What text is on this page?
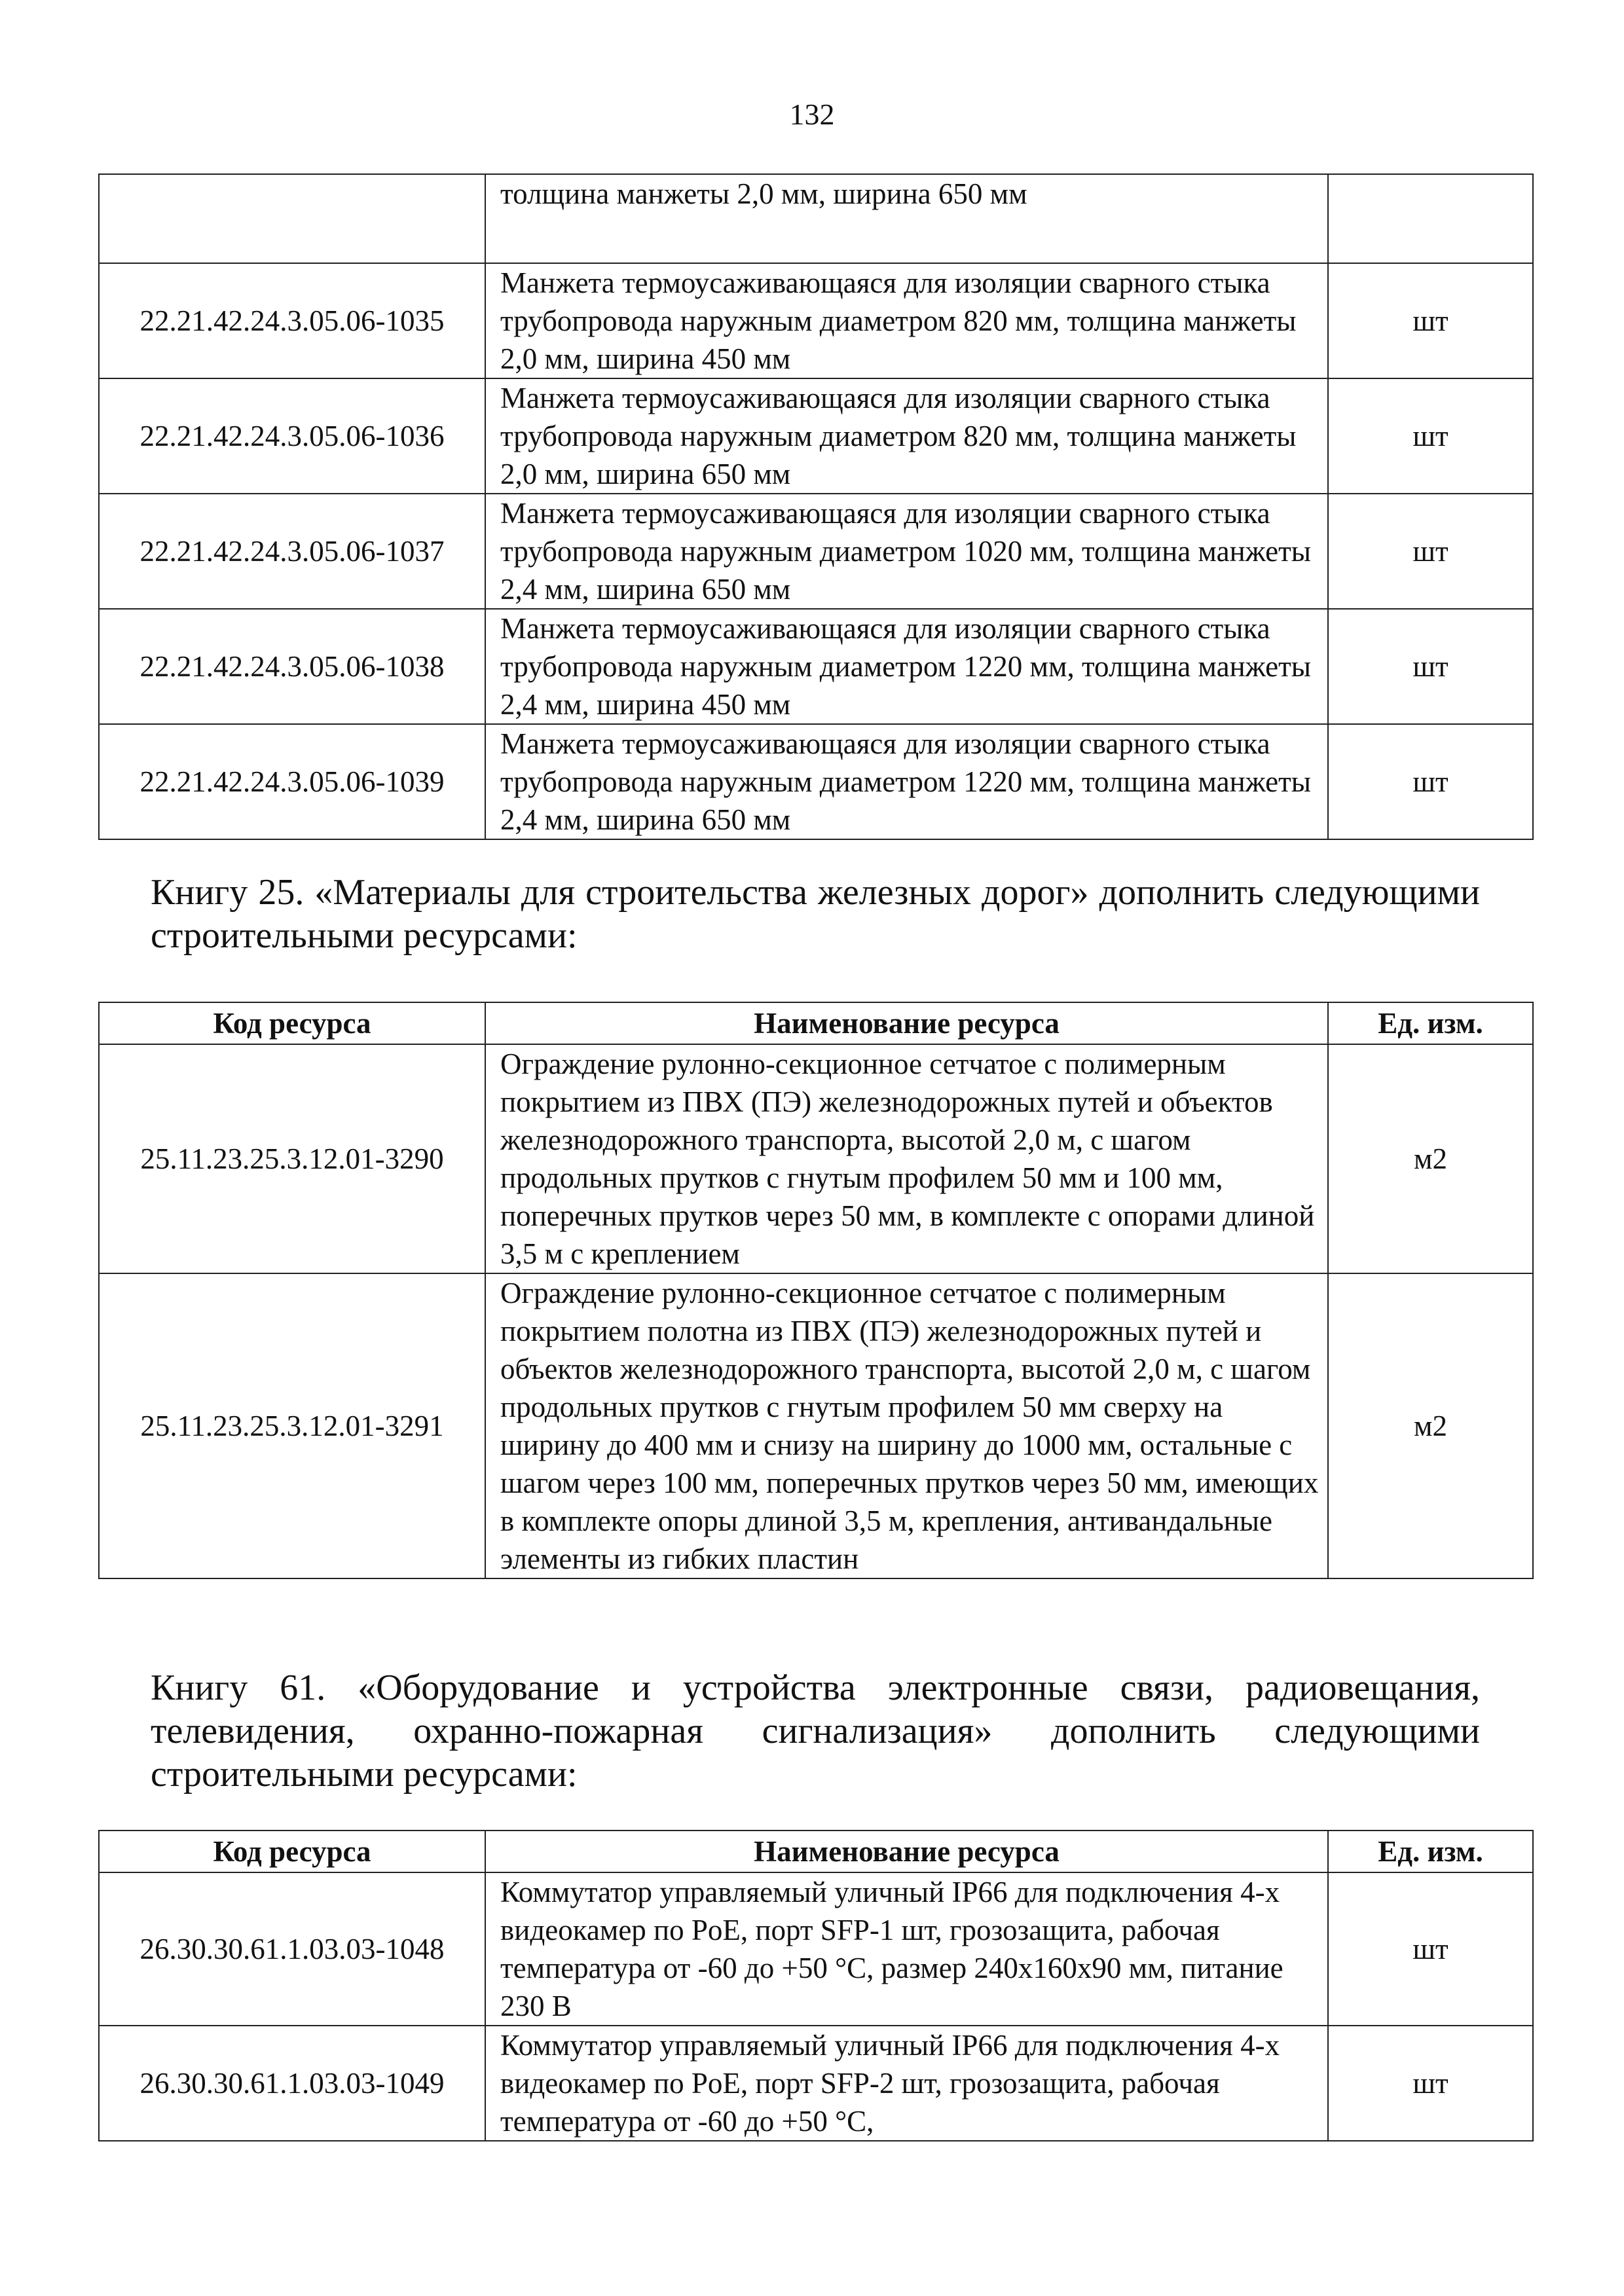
132
	толщина манжеты 2,0 мм, ширина 650 мм	
22.21.42.24.3.05.06-1035	Манжета термоусаживающаяся для изоляции сварного стыка трубопровода наружным диаметром 820 мм, толщина манжеты 2,0 мм, ширина 450 мм	шт
22.21.42.24.3.05.06-1036	Манжета термоусаживающаяся для изоляции сварного стыка трубопровода наружным диаметром 820 мм, толщина манжеты 2,0 мм, ширина 650 мм	шт
22.21.42.24.3.05.06-1037	Манжета термоусаживающаяся для изоляции сварного стыка трубопровода наружным диаметром 1020 мм, толщина манжеты 2,4 мм, ширина 650 мм	шт
22.21.42.24.3.05.06-1038	Манжета термоусаживающаяся для изоляции сварного стыка трубопровода наружным диаметром 1220 мм, толщина манжеты 2,4 мм, ширина 450 мм	шт
22.21.42.24.3.05.06-1039	Манжета термоусаживающаяся для изоляции сварного стыка трубопровода наружным диаметром 1220 мм, толщина манжеты 2,4 мм, ширина 650 мм	шт
Книгу 25. «Материалы для строительства железных дорог» дополнить следующими строительными ресурсами:
Код ресурса	Наименование ресурса	Ед. изм.
25.11.23.25.3.12.01-3290	Ограждение рулонно-секционное сетчатое с полимерным покрытием из ПВХ (ПЭ) железнодорожных путей и объектов железнодорожного транспорта, высотой 2,0 м, с шагом продольных прутков с гнутым профилем 50 мм и 100 мм, поперечных прутков через 50 мм, в комплекте с опорами длиной 3,5 м с креплением	м2
25.11.23.25.3.12.01-3291	Ограждение рулонно-секционное сетчатое с полимерным покрытием полотна из ПВХ (ПЭ) железнодорожных путей и объектов железнодорожного транспорта, высотой 2,0 м, с шагом продольных прутков с гнутым профилем 50 мм сверху на ширину до 400 мм и снизу на ширину до 1000 мм, остальные с шагом через 100 мм, поперечных прутков через 50 мм, имеющих в комплекте опоры длиной 3,5 м, крепления, антивандальные элементы из гибких пластин	м2
Книгу 61. «Оборудование и устройства электронные связи, радиовещания, телевидения, охранно-пожарная сигнализация» дополнить следующими строительными ресурсами:
Код ресурса	Наименование ресурса	Ед. изм.
26.30.30.61.1.03.03-1048	Коммутатор управляемый уличный IP66 для подключения 4-х видеокамер по PoE, порт SFP-1 шт, грозозащита, рабочая температура от -60 до +50 °C, размер 240x160x90 мм, питание 230 В	шт
26.30.30.61.1.03.03-1049	Коммутатор управляемый уличный IP66 для подключения 4-х видеокамер по PoE, порт SFP-2 шт, грозозащита, рабочая температура от -60 до +50 °C,	шт
